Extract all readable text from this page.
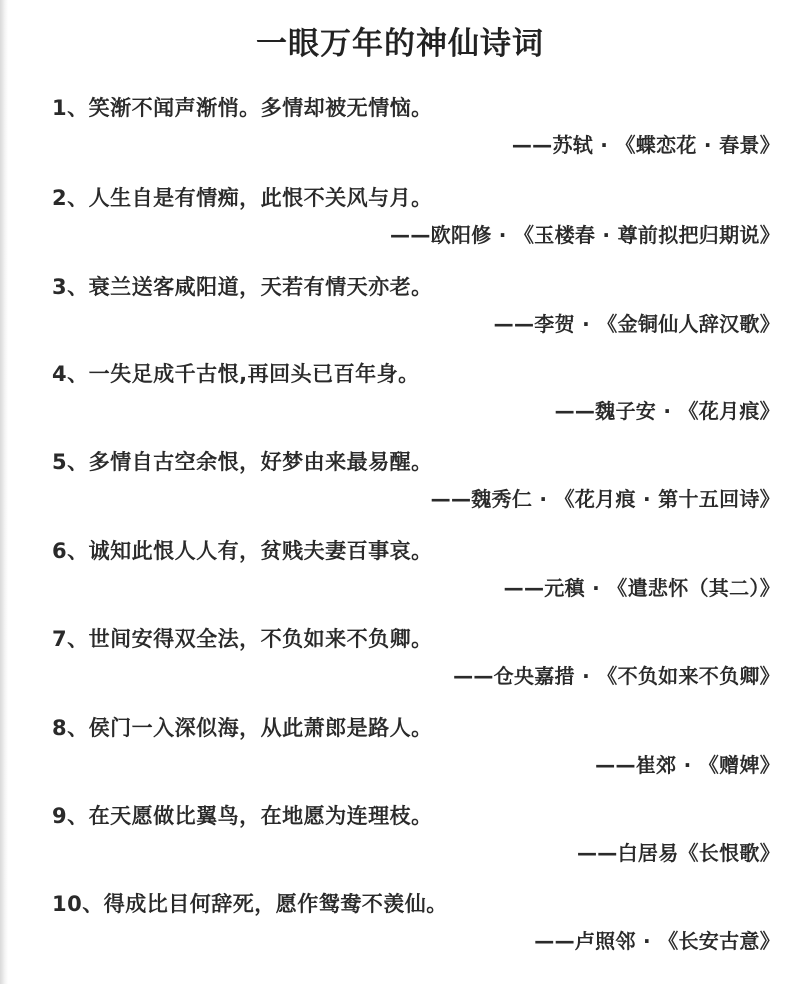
一眼万年的神仙诗词
1、笑渐不闻声渐悄。多情却被无情恼。
——苏轼 · 《蝶恋花 · 春景》
2、人生自是有情痴，此恨不关风与月。
——欧阳修 · 《玉楼春 · 尊前拟把归期说》
3、衰兰送客咸阳道，天若有情天亦老。
——李贺 · 《金铜仙人辞汉歌》
4、一失足成千古恨,再回头已百年身。
——魏子安 · 《花月痕》
5、多情自古空余恨，好梦由来最易醒。
——魏秀仁 · 《花月痕 · 第十五回诗》
6、诚知此恨人人有，贫贱夫妻百事哀。
——元稹 · 《遣悲怀（其二）》
7、世间安得双全法，不负如来不负卿。
——仓央嘉措 · 《不负如来不负卿》
8、侯门一入深似海，从此萧郎是路人。
——崔郊 · 《赠婢》
9、在天愿做比翼鸟，在地愿为连理枝。
——白居易《长恨歌》
10、得成比目何辞死，愿作鸳鸯不羡仙。
——卢照邻 · 《长安古意》
